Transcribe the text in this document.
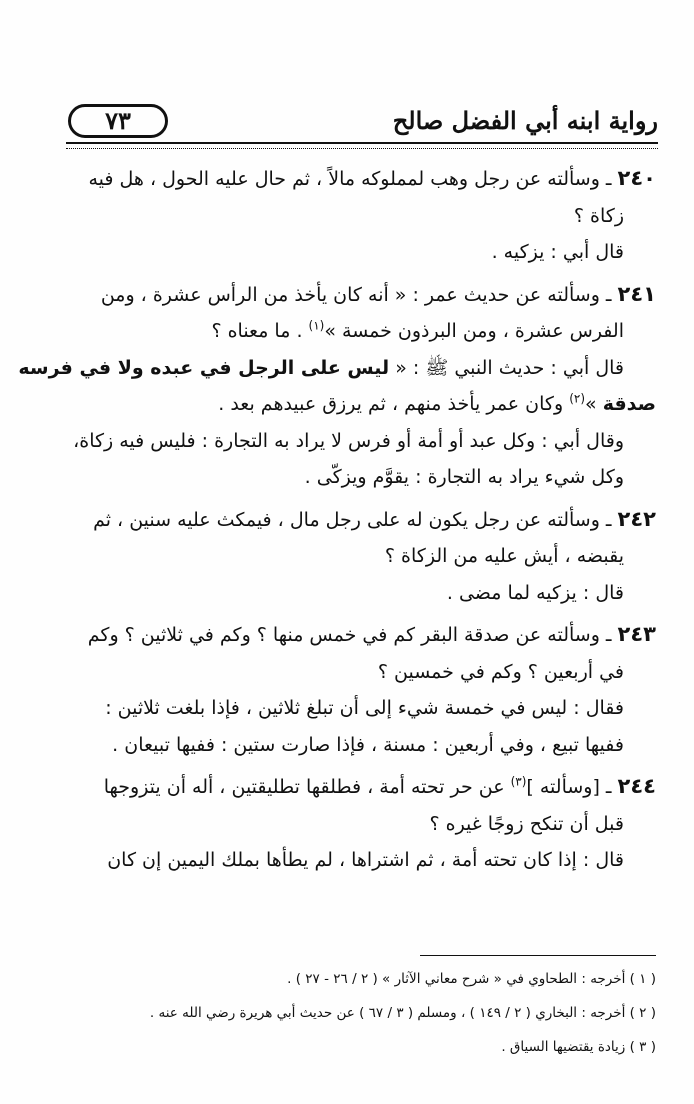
٧٣	رواية ابنه أبي الفضل صالح
٢٤٠ ـ وسألته عن رجل وهب لمملوكه مالاً ، ثم حال عليه الحول ، هل فيه
زكاة ؟
قال أبي : يزكيه .
٢٤١ ـ وسألته عن حديث عمر : « أنه كان يأخذ من الرأس عشرة ، ومن
الفرس عشرة ، ومن البرذون خمسة »$^{(١)}$ . ما معناه ؟
قال أبي : حديث النبي ﷺ : « ليس على الرجل في عبده ولا في فرسه
صدقة »$^{(٢)}$ وكان عمر يأخذ منهم ، ثم يرزق عبيدهم بعد .
وقال أبي : وكل عبد أو أمة أو فرس لا يراد به التجارة : فليس فيه زكاة،
وكل شيء يراد به التجارة : يقوَّم ويزكّى .
٢٤٢ ـ وسألته عن رجل يكون له على رجل مال ، فيمكث عليه سنين ، ثم
يقبضه ، أيش عليه من الزكاة ؟
قال : يزكيه لما مضى .
٢٤٣ ـ وسألته عن صدقة البقر كم في خمس منها ؟ وكم في ثلاثين ؟ وكم
في أربعين ؟ وكم في خمسين ؟
فقال : ليس في خمسة شيء إلى أن تبلغ ثلاثين ، فإذا بلغت ثلاثين :
ففيها تبيع ، وفي أربعين : مسنة ، فإذا صارت ستين : ففيها تبيعان .
٢٤٤ ـ [وسألته ]$^{(٣)}$ عن حر تحته أمة ، فطلقها تطليقتين ، أله أن يتزوجها
قبل أن تنكح زوجًا غيره ؟
قال : إذا كان تحته أمة ، ثم اشتراها ، لم يطأها بملك اليمين إن كان
( ١ ) أخرجه : الطحاوي في « شرح معاني الآثار » ( ٢ / ٢٦ - ٢٧ ) .
( ٢ ) أخرجه : البخاري ( ٢ / ١٤٩ ) ، ومسلم ( ٣ / ٦٧ ) عن حديث أبي هريرة رضي الله عنه .
( ٣ ) زيادة يقتضيها السياق .
